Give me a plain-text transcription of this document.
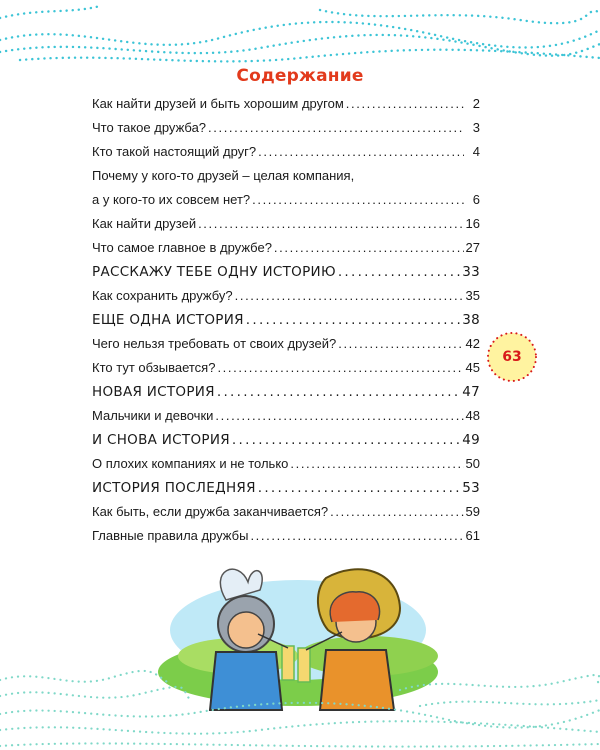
Содержание
Как найти друзей и быть хорошим другом . . .	2
Что такое дружба? . . .	3
Кто такой настоящий друг? . . .	4
Почему у кого-то друзей – целая компания,
а у кого-то их совсем нет? . . .	6
Как найти друзей . . .	16
Что самое главное в дружбе? . . .	27
РАССКАЖУ ТЕБЕ ОДНУ ИСТОРИЮ . . .	33
Как сохранить дружбу? . . .	35
ЕЩЕ ОДНА ИСТОРИЯ . . .	38
Чего нельзя требовать от своих друзей? . . .	42
Кто тут обзывается? . . .	45
НОВАЯ ИСТОРИЯ . . .	47
Мальчики и девочки . . .	48
И СНОВА ИСТОРИЯ . . .	49
О плохих компаниях и не только . . .	50
ИСТОРИЯ ПОСЛЕДНЯЯ . . .	53
Как быть, если дружба заканчивается? . . .	59
Главные правила дружбы . . .	61
63
